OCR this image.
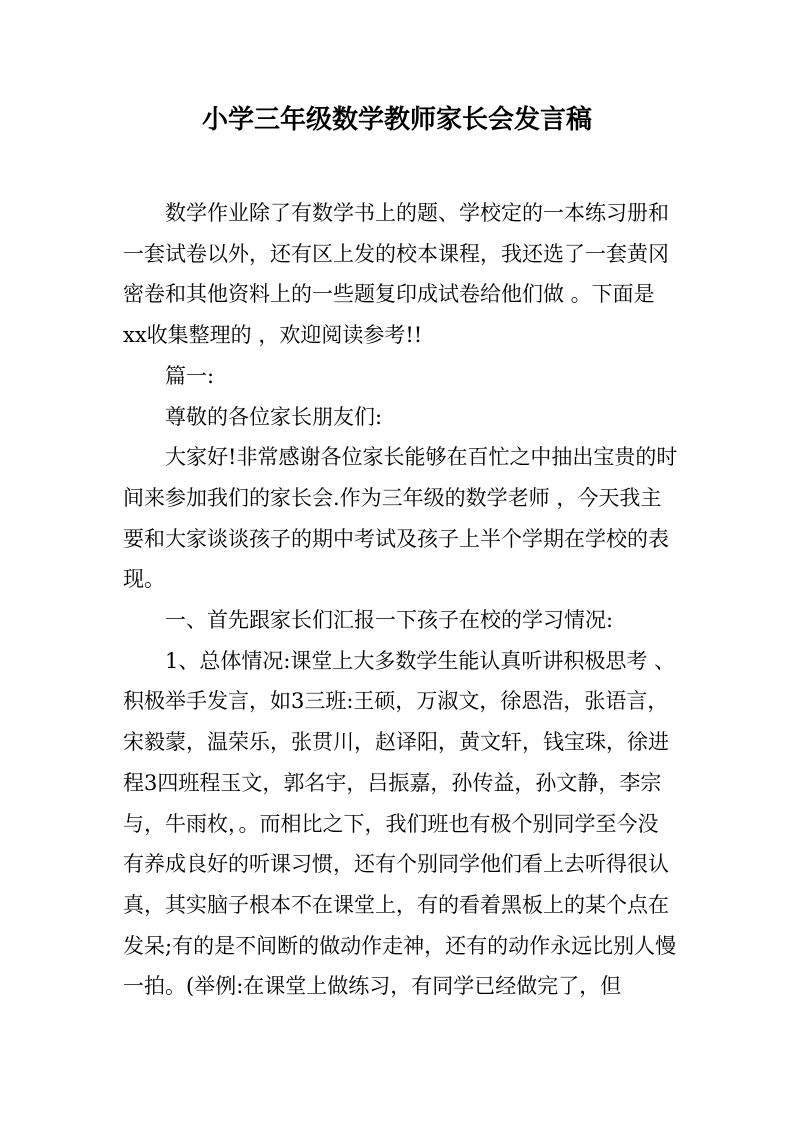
小学三年级数学教师家长会发言稿

数学作业除了有数学书上的题、学校定的一本练习册和一套试卷以外，还有区上发的校本课程，我还选了一套黄冈密卷和其他资料上的一些题复印成试卷给他们做 。下面是xx收集整理的 ，欢迎阅读参考!!

篇一:

尊敬的各位家长朋友们:

大家好!非常感谢各位家长能够在百忙之中抽出宝贵的时间来参加我们的家长会.作为三年级的数学老师 ，今天我主要和大家谈谈孩子的期中考试及孩子上半个学期在学校的表现。

一、首先跟家长们汇报一下孩子在校的学习情况:

1、总体情况:课堂上大多数学生能认真听讲积极思考 、积极举手发言，如3三班:王硕，万淑文，徐恩浩，张语言，宋毅蒙，温荣乐，张贯川，赵译阳，黄文轩，钱宝珠，徐进程3四班程玉文，郭名宇，吕振嘉，孙传益，孙文静，李宗与，牛雨枚，。而相比之下，我们班也有极个别同学至今没有养成良好的听课习惯，还有个别同学他们看上去听得很认真，其实脑子根本不在课堂上，有的看着黑板上的某个点在发呆;有的是不间断的做动作走神，还有的动作永远比别人慢一拍。(举例:在课堂上做练习，有同学已经做完了，但
